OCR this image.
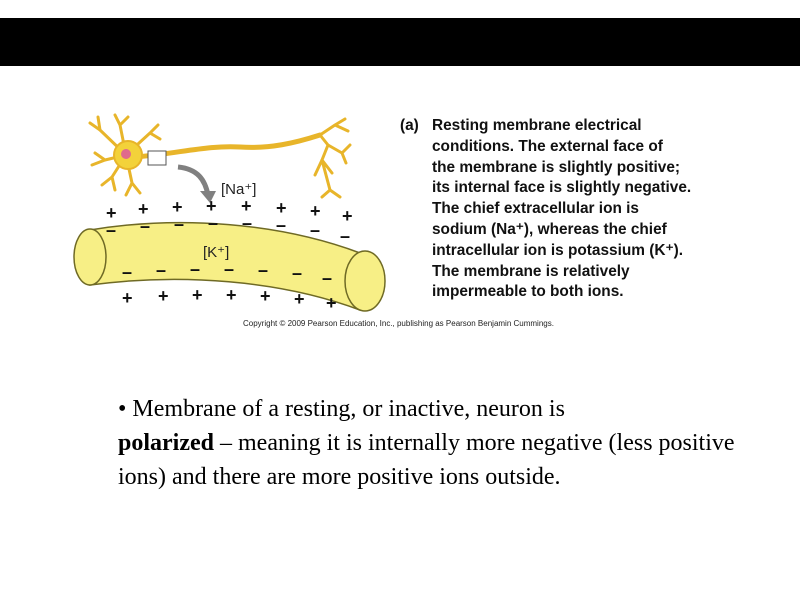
[Na⁺]
[K⁺]
+ + + + + + + +
– – – – – – – –
– – – – – – –
+ + + + + + +
(a) Resting membrane electrical
conditions. The external face of
the membrane is slightly positive;
its internal face is slightly negative.
The chief extracellular ion is
sodium (Na⁺), whereas the chief
intracellular ion is potassium (K⁺).
The membrane is relatively
impermeable to both ions.
Copyright © 2009 Pearson Education, Inc., publishing as Pearson Benjamin Cummings.
• Membrane of a resting, or inactive, neuron is
polarized – meaning it is internally more negative (less positive ions) and there are more positive ions outside.
